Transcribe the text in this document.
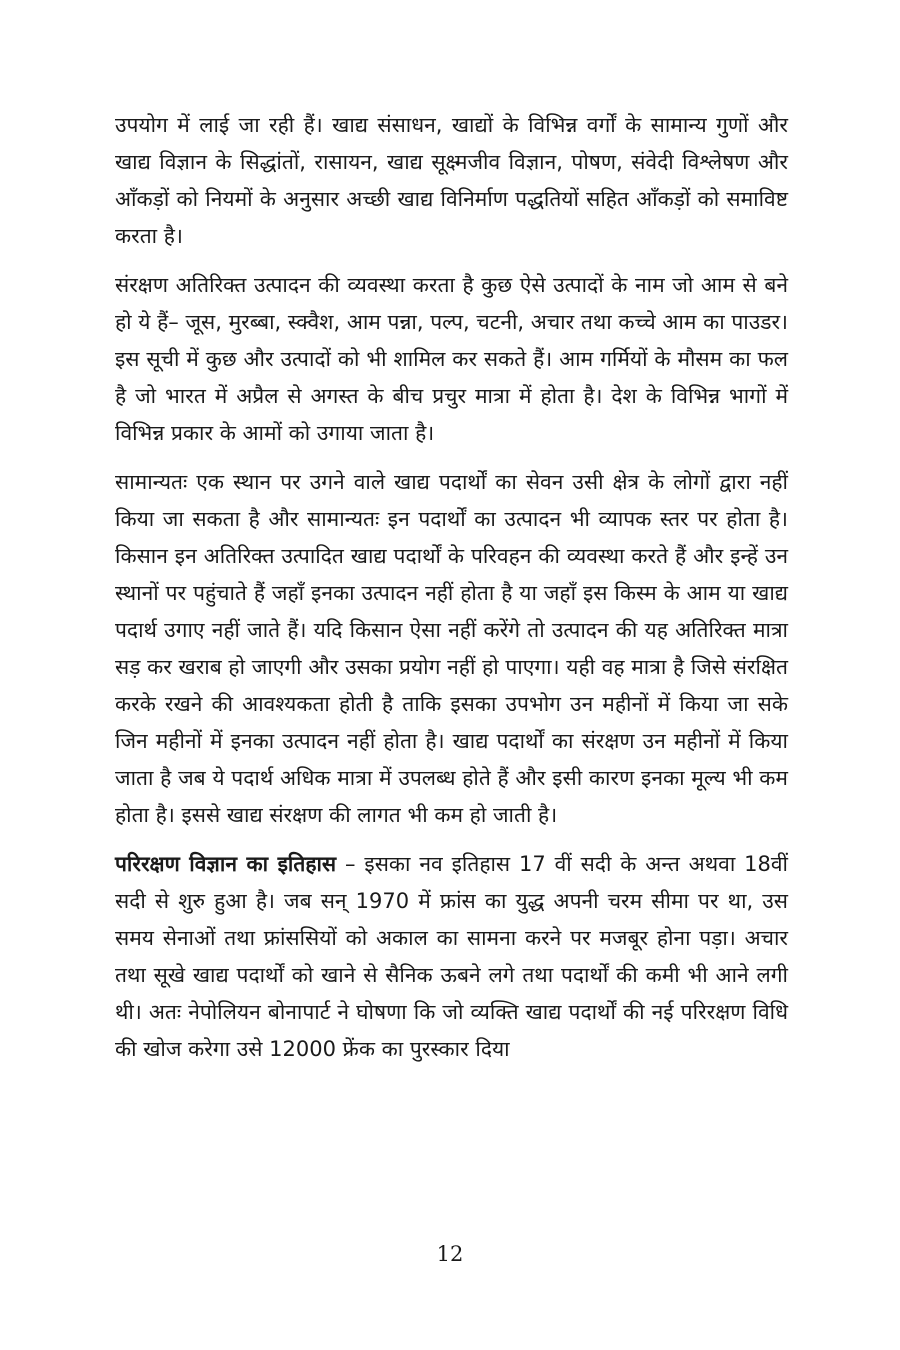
उपयोग में लाई जा रही हैं। खाद्य संसाधन, खाद्यों के विभिन्न वर्गों के सामान्य गुणों और खाद्य विज्ञान के सिद्धांतों, रासायन, खाद्य सूक्ष्मजीव विज्ञान, पोषण, संवेदी विश्लेषण और आँकड़ों को नियमों के अनुसार अच्छी खाद्य विनिर्माण पद्धतियों सहित आँकड़ों को समाविष्ट करता है।

संरक्षण अतिरिक्त उत्पादन की व्यवस्था करता है कुछ ऐसे उत्पादों के नाम जो आम से बने हो ये हैं– जूस, मुरब्बा, स्क्वैश, आम पन्ना, पल्प, चटनी, अचार तथा कच्चे आम का पाउडर। इस सूची में कुछ और उत्पादों को भी शामिल कर सकते हैं। आम गर्मियों के मौसम का फल है जो भारत में अप्रैल से अगस्त के बीच प्रचुर मात्रा में होता है। देश के विभिन्न भागों में विभिन्न प्रकार के आमों को उगाया जाता है।

सामान्यतः एक स्थान पर उगने वाले खाद्य पदार्थों का सेवन उसी क्षेत्र के लोगों द्वारा नहीं किया जा सकता है और सामान्यतः इन पदार्थों का उत्पादन भी व्यापक स्तर पर होता है। किसान इन अतिरिक्त उत्पादित खाद्य पदार्थों के परिवहन की व्यवस्था करते हैं और इन्हें उन स्थानों पर पहुंचाते हैं जहाँ इनका उत्पादन नहीं होता है या जहाँ इस किस्म के आम या खाद्य पदार्थ उगाए नहीं जाते हैं। यदि किसान ऐसा नहीं करेंगे तो उत्पादन की यह अतिरिक्त मात्रा सड़ कर खराब हो जाएगी और उसका प्रयोग नहीं हो पाएगा। यही वह मात्रा है जिसे संरक्षित करके रखने की आवश्यकता होती है ताकि इसका उपभोग उन महीनों में किया जा सके जिन महीनों में इनका उत्पादन नहीं होता है। खाद्य पदार्थों का संरक्षण उन महीनों में किया जाता है जब ये पदार्थ अधिक मात्रा में उपलब्ध होते हैं और इसी कारण इनका मूल्य भी कम होता है। इससे खाद्य संरक्षण की लागत भी कम हो जाती है।

परिरक्षण विज्ञान का इतिहास – इसका नव इतिहास 17 वीं सदी के अन्त अथवा 18वीं सदी से शुरु हुआ है। जब सन् 1970 में फ्रांस का युद्ध अपनी चरम सीमा पर था, उस समय सेनाओं तथा फ्रांससियों को अकाल का सामना करने पर मजबूर होना पड़ा। अचार तथा सूखे खाद्य पदार्थों को खाने से सैनिक ऊबने लगे तथा पदार्थों की कमी भी आने लगी थी। अतः नेपोलियन बोनापार्ट ने घोषणा कि जो व्यक्ति खाद्य पदार्थों की नई परिरक्षण विधि की खोज करेगा उसे 12000 फ्रेंक का पुरस्कार दिया

12
